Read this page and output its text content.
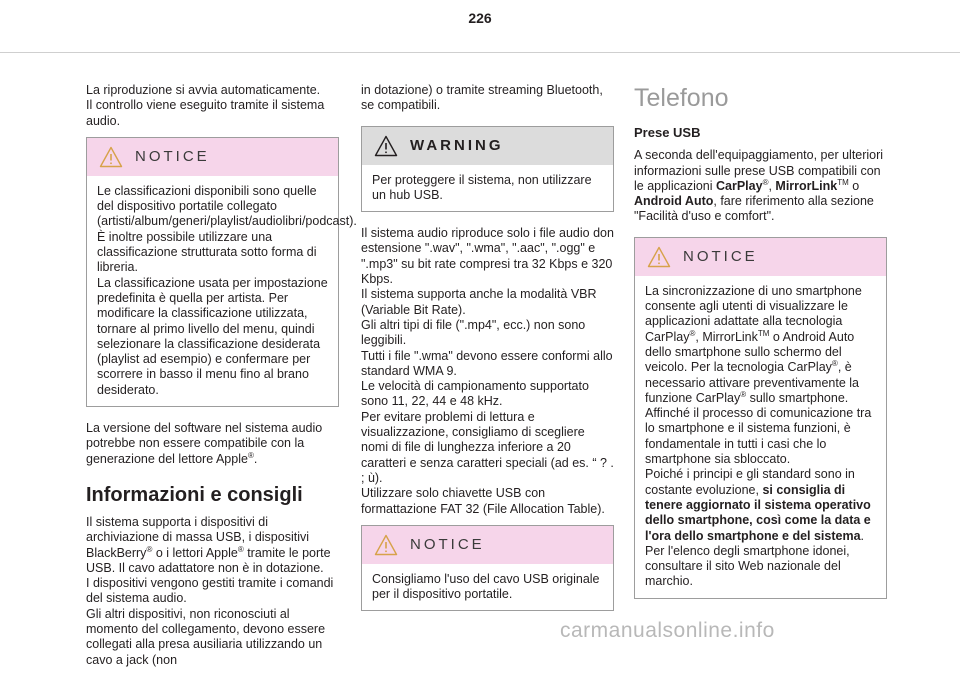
226

La riproduzione si avvia automaticamente.
Il controllo viene eseguito tramite il sistema audio.

NOTICE

Le classificazioni disponibili sono quelle del dispositivo portatile collegato (artisti/album/generi/playlist/audiolibri/podcast). È inoltre possibile utilizzare una classificazione strutturata sotto forma di libreria.
La classificazione usata per impostazione predefinita è quella per artista. Per modificare la classificazione utilizzata, tornare al primo livello del menu, quindi selezionare la classificazione desiderata (playlist ad esempio) e confermare per scorrere in basso il menu fino al brano desiderato.

La versione del software nel sistema audio potrebbe non essere compatibile con la generazione del lettore Apple®.

Informazioni e consigli

Il sistema supporta i dispositivi di archiviazione di massa USB, i dispositivi BlackBerry® o i lettori Apple® tramite le porte USB. Il cavo adattatore non è in dotazione.

I dispositivi vengono gestiti tramite i comandi del sistema audio.
Gli altri dispositivi, non riconosciuti al momento del collegamento, devono essere collegati alla presa ausiliaria utilizzando un cavo a jack (non

in dotazione) o tramite streaming Bluetooth, se compatibili.

WARNING

Per proteggere il sistema, non utilizzare un hub USB.

Il sistema audio riproduce solo i file audio don estensione ".wav", ".wma", ".aac", ".ogg" e ".mp3" su bit rate compresi tra 32 Kbps e 320 Kbps.
Il sistema supporta anche la modalità VBR (Variable Bit Rate).
Gli altri tipi di file (".mp4", ecc.) non sono leggibili.
Tutti i file ".wma" devono essere conformi allo standard WMA 9.
Le velocità di campionamento supportato sono 11, 22, 44 e 48 kHz.
Per evitare problemi di lettura e visualizzazione, consigliamo di scegliere nomi di file di lunghezza inferiore a 20 caratteri e senza caratteri speciali (ad es. “ ? . ; ù).
Utilizzare solo chiavette USB con formattazione FAT 32 (File Allocation Table).

NOTICE

Consigliamo l'uso del cavo USB originale per il dispositivo portatile.

Telefono
Prese USB

A seconda dell'equipaggiamento, per ulteriori informazioni sulle prese USB compatibili con le applicazioni CarPlay®, MirrorLink™ o Android Auto, fare riferimento alla sezione "Facilità d'uso e comfort".

NOTICE

La sincronizzazione di uno smartphone consente agli utenti di visualizzare le applicazioni adattate alla tecnologia CarPlay®, MirrorLink™ o Android Auto dello smartphone sullo schermo del veicolo. Per la tecnologia CarPlay®, è necessario attivare preventivamente la funzione CarPlay® sullo smartphone.
Affinché il processo di comunicazione tra lo smartphone e il sistema funzioni, è fondamentale in tutti i casi che lo smartphone sia sbloccato.
Poiché i principi e gli standard sono in costante evoluzione, si consiglia di tenere aggiornato il sistema operativo dello smartphone, così come la data e l'ora dello smartphone e del sistema.
Per l'elenco degli smartphone idonei, consultare il sito Web nazionale del marchio.

carmanualsonline.info
